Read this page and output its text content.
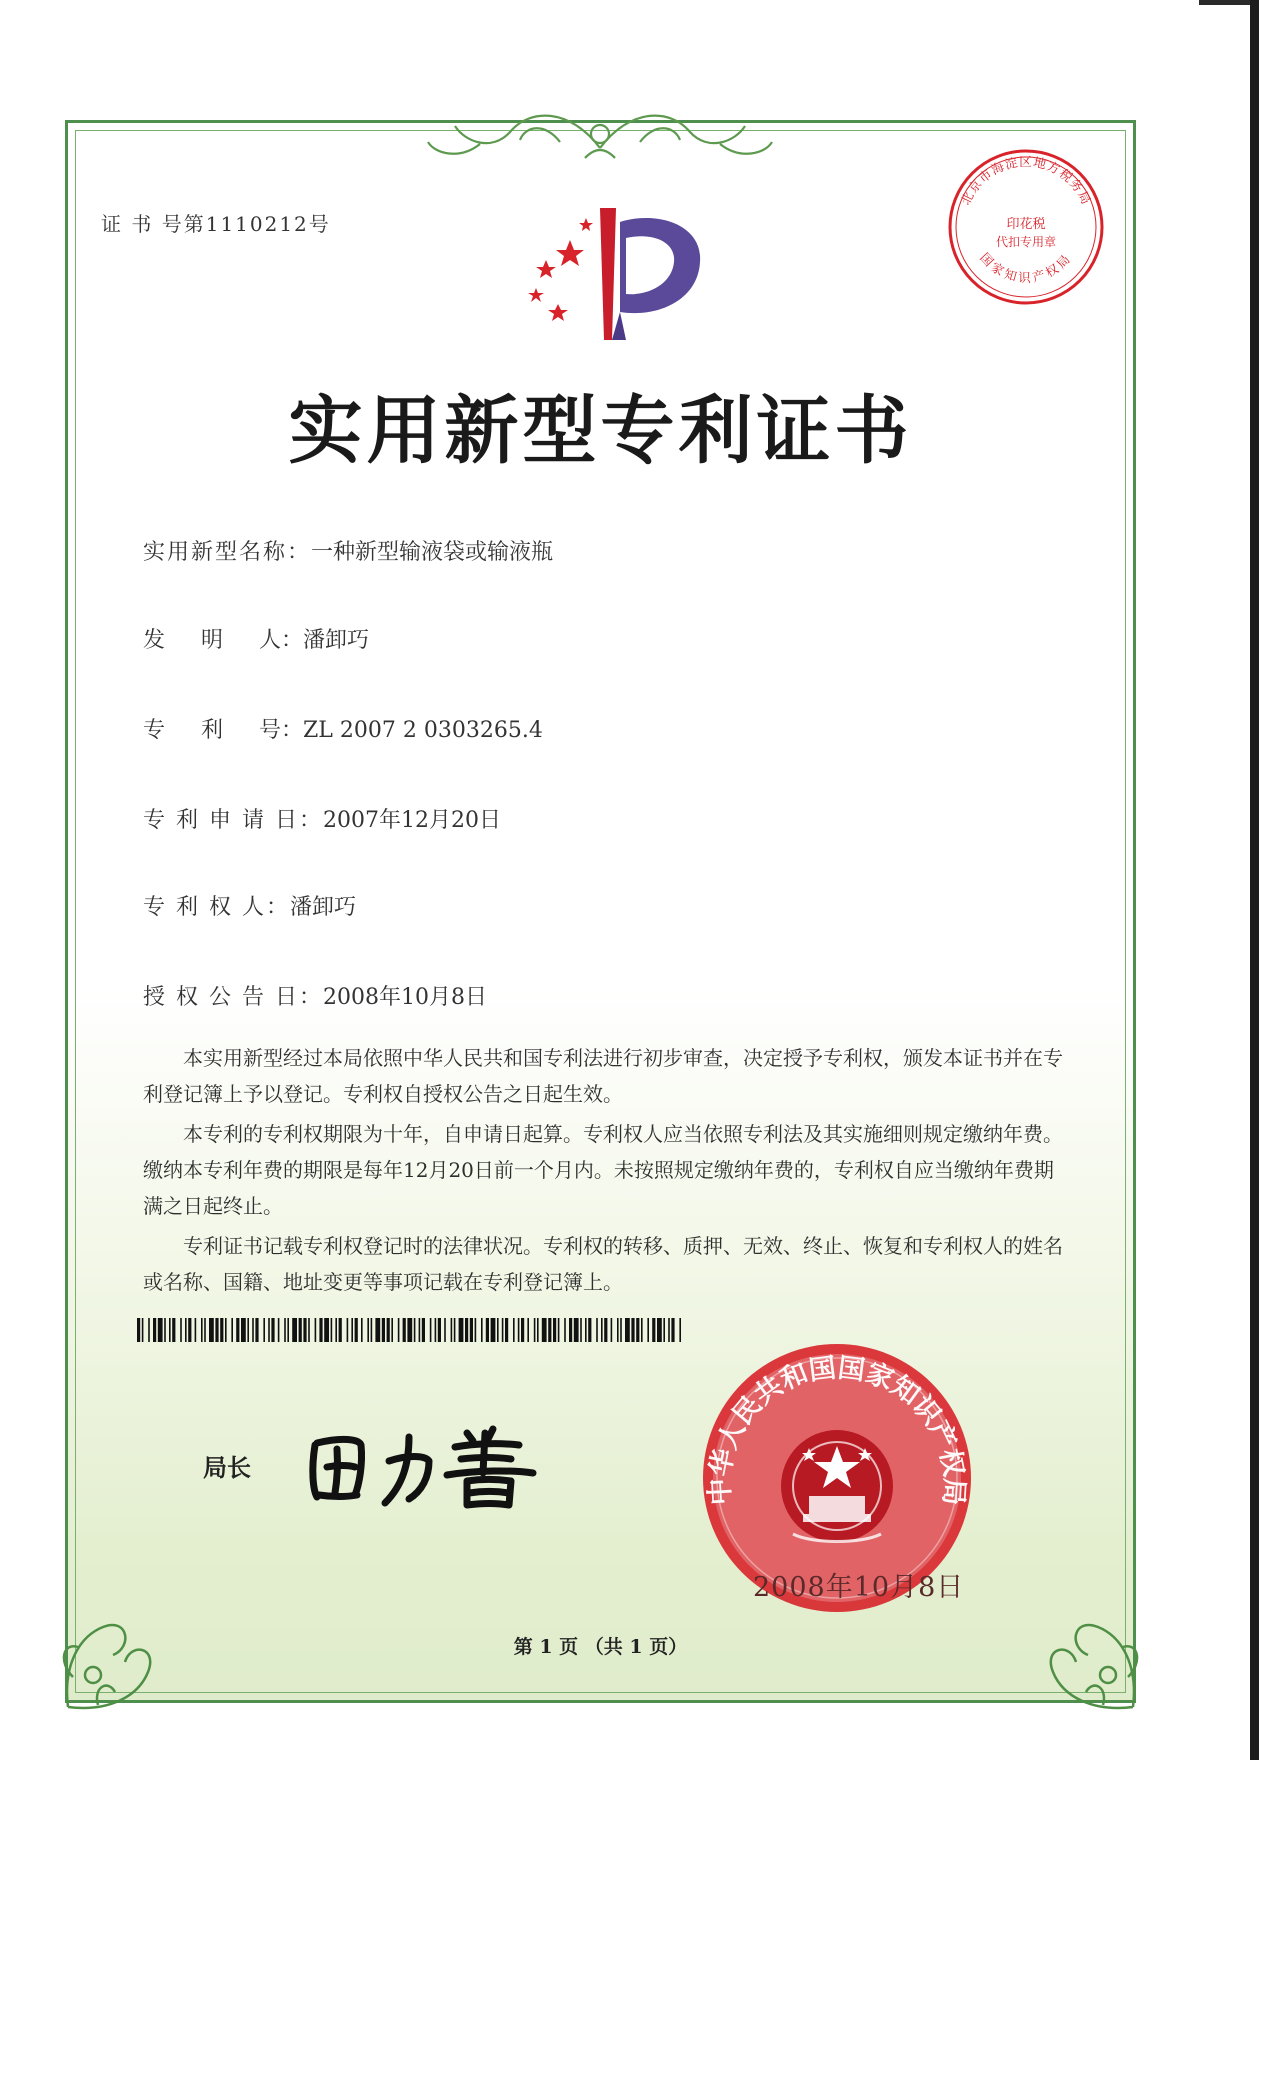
证 书 号第1110212号
北京市海淀区地方税务局
国家知识产权局
印花税
代扣专用章
实用新型专利证书
实用新型名称：一种新型输液袋或输液瓶
发 明 人：潘卸巧
专 利 号：ZL 2007 2 0303265.4
专 利 申 请 日：2007年12月20日
专 利 权 人：潘卸巧
授 权 公 告 日：2008年10月8日

本实用新型经过本局依照中华人民共和国专利法进行初步审查，决定授予专利权，颁发本证书并在专利登记簿上予以登记。专利权自授权公告之日起生效。

本专利的专利权期限为十年，自申请日起算。专利权人应当依照专利法及其实施细则规定缴纳年费。缴纳本专利年费的期限是每年12月20日前一个月内。未按照规定缴纳年费的，专利权自应当缴纳年费期满之日起终止。

专利证书记载专利权登记时的法律状况。专利权的转移、质押、无效、终止、恢复和专利权人的姓名或名称、国籍、地址变更等事项记载在专利登记簿上。

局长
中华人民共和国国家知识产权局
2008年10月8日
第 1 页 （共 1 页）
